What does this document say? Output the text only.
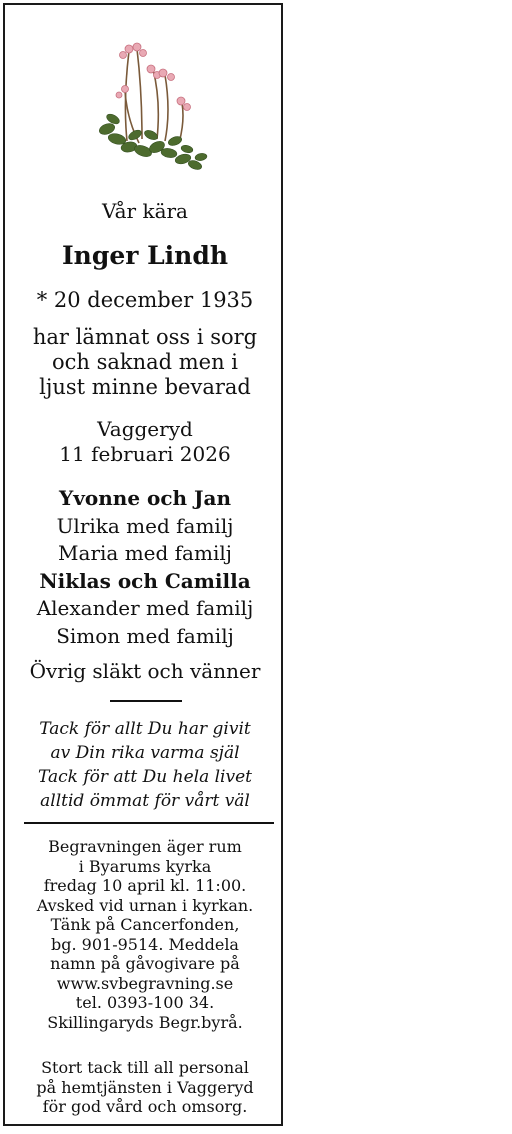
Vår kära
Inger Lindh
* 20 december 1935
har lämnat oss i sorg
och saknad men i
ljust minne bevarad
Vaggeryd
11 februari 2026
Yvonne och Jan
Ulrika med familj
Maria med familj
Niklas och Camilla
Alexander med familj
Simon med familj
Övrig släkt och vänner
Tack för allt Du har givit
av Din rika varma själ
Tack för att Du hela livet
alltid ömmat för vårt väl
Begravningen äger rum
i Byarums kyrka
fredag 10 april kl. 11:00.
Avsked vid urnan i kyrkan.
Tänk på Cancerfonden,
bg. 901-9514. Meddela
namn på gåvogivare på
www.svbegravning.se
tel. 0393-100 34.
Skillingaryds Begr.byrå.
Stort tack till all personal
på hemtjänsten i Vaggeryd
för god vård och omsorg.
